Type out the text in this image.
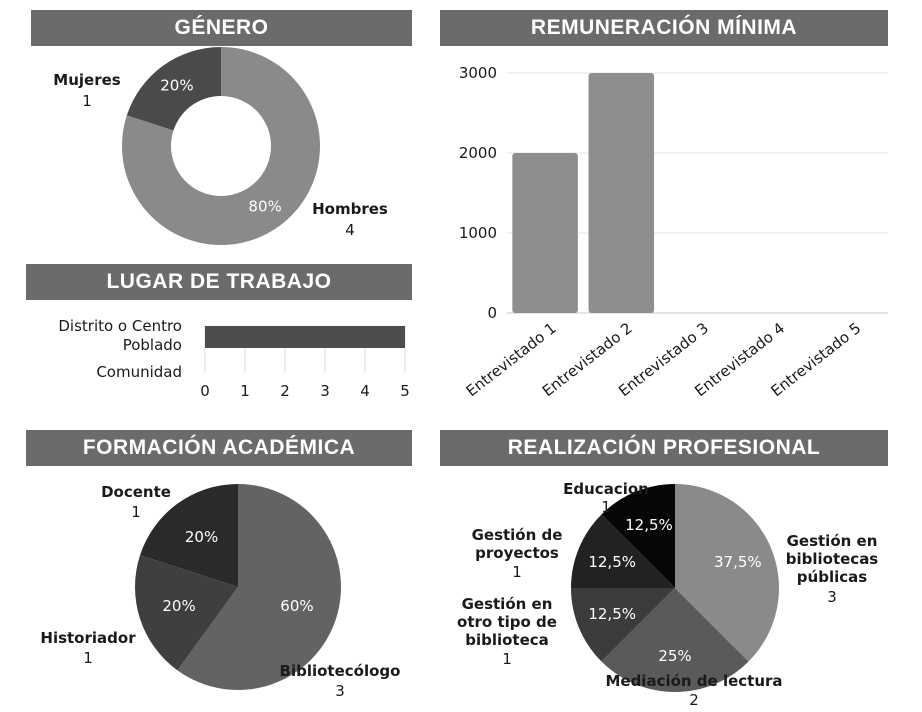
GÉNERO	REMUNERACIÓN MÍNIMA
LUGAR DE TRABAJO
FORMACIÓN ACADÉMICA	REALIZACIÓN PROFESIONAL
20%
80%
Mujeres
1
Hombres
4
0
1000
2000
3000
Entrevistado 1
Entrevistado 2
Entrevistado 3
Entrevistado 4
Entrevistado 5
0 1 2 3 4 5
Distrito o Centro
Poblado
Comunidad
60%
20%
20%
Docente
1
Historiador
1
Bibliotecólogo
3
37,5%
25%
12,5%
12,5%
12,5%
Educacion
1
Gestión de
proyectos
1
Gestión en
otro tipo de
biblioteca
1
Gestión en
bibliotecas
públicas
3
Mediación de lectura
2
